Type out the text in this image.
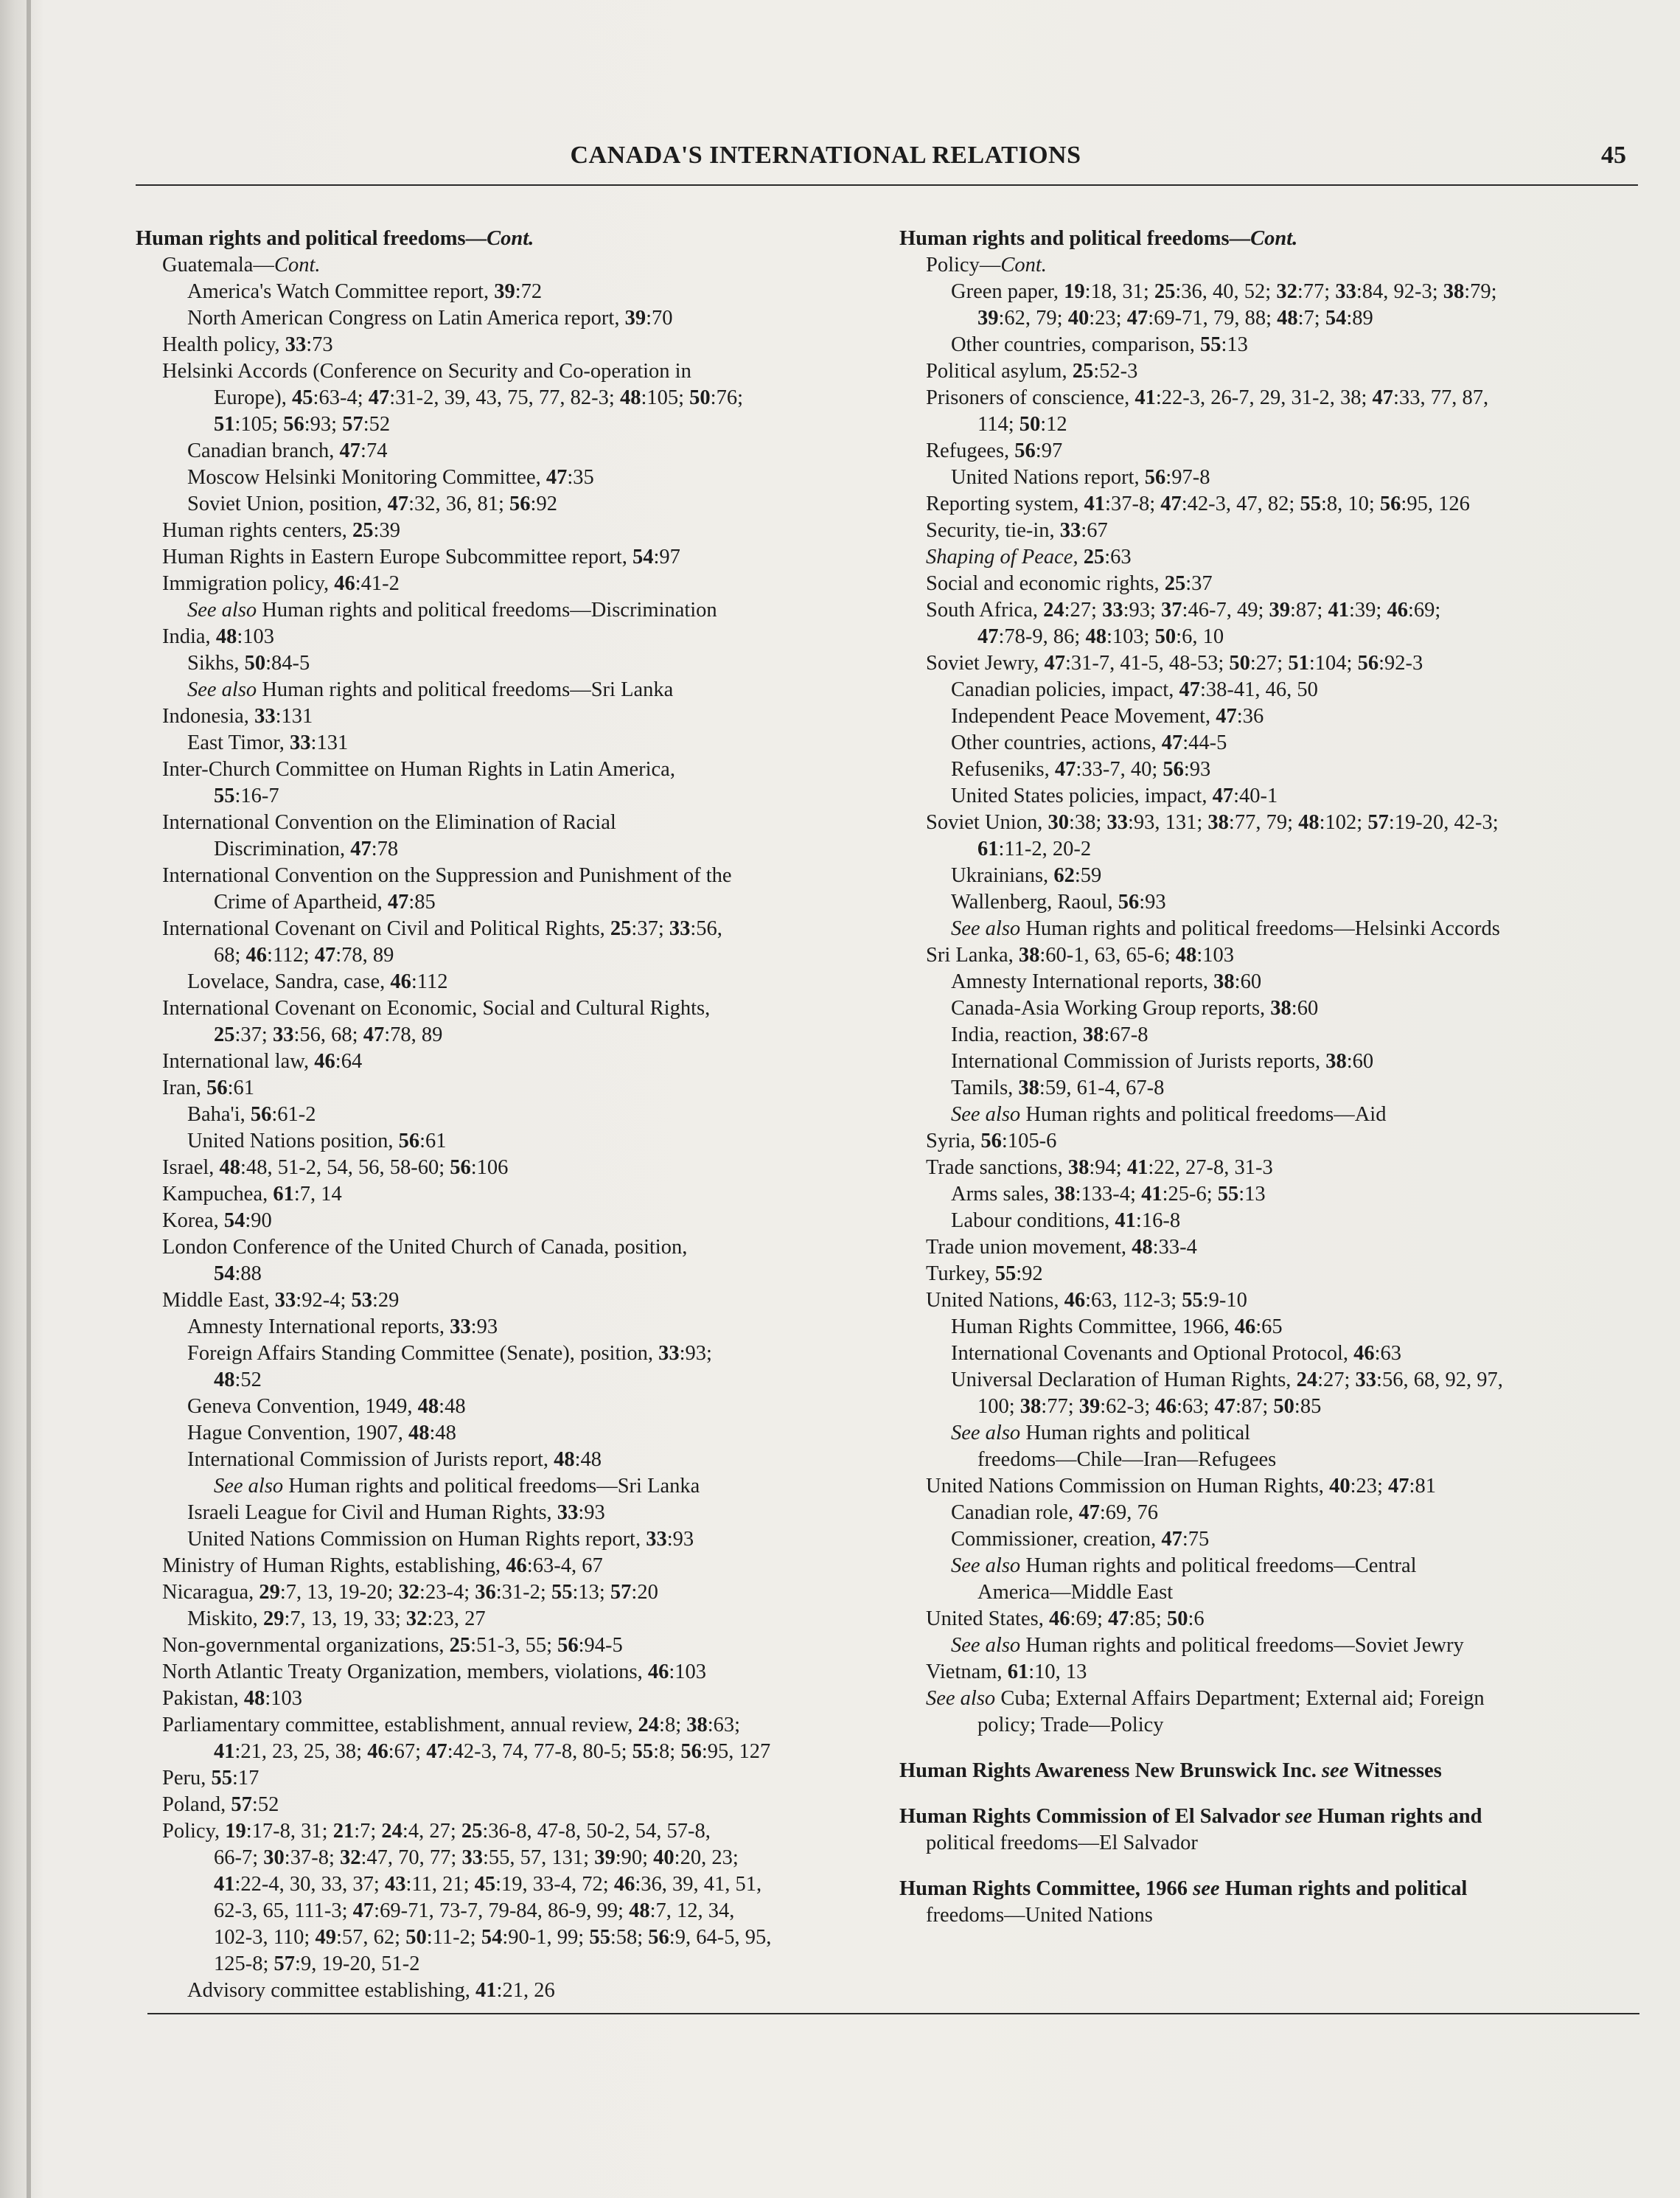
CANADA'S INTERNATIONAL RELATIONS	45
Human rights and political freedoms—Cont.
Guatemala—Cont.
America's Watch Committee report, 39:72
North American Congress on Latin America report, 39:70
Health policy, 33:73
Helsinki Accords (Conference on Security and Co-operation in
Europe), 45:63-4; 47:31-2, 39, 43, 75, 77, 82-3; 48:105; 50:76;
51:105; 56:93; 57:52
Canadian branch, 47:74
Moscow Helsinki Monitoring Committee, 47:35
Soviet Union, position, 47:32, 36, 81; 56:92
Human rights centers, 25:39
Human Rights in Eastern Europe Subcommittee report, 54:97
Immigration policy, 46:41-2
See also Human rights and political freedoms—Discrimination
India, 48:103
Sikhs, 50:84-5
See also Human rights and political freedoms—Sri Lanka
Indonesia, 33:131
East Timor, 33:131
Inter-Church Committee on Human Rights in Latin America,
55:16-7
International Convention on the Elimination of Racial
Discrimination, 47:78
International Convention on the Suppression and Punishment of the
Crime of Apartheid, 47:85
International Covenant on Civil and Political Rights, 25:37; 33:56,
68; 46:112; 47:78, 89
Lovelace, Sandra, case, 46:112
International Covenant on Economic, Social and Cultural Rights,
25:37; 33:56, 68; 47:78, 89
International law, 46:64
Iran, 56:61
Baha'i, 56:61-2
United Nations position, 56:61
Israel, 48:48, 51-2, 54, 56, 58-60; 56:106
Kampuchea, 61:7, 14
Korea, 54:90
London Conference of the United Church of Canada, position,
54:88
Middle East, 33:92-4; 53:29
Amnesty International reports, 33:93
Foreign Affairs Standing Committee (Senate), position, 33:93;
48:52
Geneva Convention, 1949, 48:48
Hague Convention, 1907, 48:48
International Commission of Jurists report, 48:48
See also Human rights and political freedoms—Sri Lanka
Israeli League for Civil and Human Rights, 33:93
United Nations Commission on Human Rights report, 33:93
Ministry of Human Rights, establishing, 46:63-4, 67
Nicaragua, 29:7, 13, 19-20; 32:23-4; 36:31-2; 55:13; 57:20
Miskito, 29:7, 13, 19, 33; 32:23, 27
Non-governmental organizations, 25:51-3, 55; 56:94-5
North Atlantic Treaty Organization, members, violations, 46:103
Pakistan, 48:103
Parliamentary committee, establishment, annual review, 24:8; 38:63;
41:21, 23, 25, 38; 46:67; 47:42-3, 74, 77-8, 80-5; 55:8; 56:95, 127
Peru, 55:17
Poland, 57:52
Policy, 19:17-8, 31; 21:7; 24:4, 27; 25:36-8, 47-8, 50-2, 54, 57-8,
66-7; 30:37-8; 32:47, 70, 77; 33:55, 57, 131; 39:90; 40:20, 23;
41:22-4, 30, 33, 37; 43:11, 21; 45:19, 33-4, 72; 46:36, 39, 41, 51,
62-3, 65, 111-3; 47:69-71, 73-7, 79-84, 86-9, 99; 48:7, 12, 34,
102-3, 110; 49:57, 62; 50:11-2; 54:90-1, 99; 55:58; 56:9, 64-5, 95,
125-8; 57:9, 19-20, 51-2
Advisory committee establishing, 41:21, 26
Human rights and political freedoms—Cont.
Policy—Cont.
Green paper, 19:18, 31; 25:36, 40, 52; 32:77; 33:84, 92-3; 38:79;
39:62, 79; 40:23; 47:69-71, 79, 88; 48:7; 54:89
Other countries, comparison, 55:13
Political asylum, 25:52-3
Prisoners of conscience, 41:22-3, 26-7, 29, 31-2, 38; 47:33, 77, 87,
114; 50:12
Refugees, 56:97
United Nations report, 56:97-8
Reporting system, 41:37-8; 47:42-3, 47, 82; 55:8, 10; 56:95, 126
Security, tie-in, 33:67
Shaping of Peace, 25:63
Social and economic rights, 25:37
South Africa, 24:27; 33:93; 37:46-7, 49; 39:87; 41:39; 46:69;
47:78-9, 86; 48:103; 50:6, 10
Soviet Jewry, 47:31-7, 41-5, 48-53; 50:27; 51:104; 56:92-3
Canadian policies, impact, 47:38-41, 46, 50
Independent Peace Movement, 47:36
Other countries, actions, 47:44-5
Refuseniks, 47:33-7, 40; 56:93
United States policies, impact, 47:40-1
Soviet Union, 30:38; 33:93, 131; 38:77, 79; 48:102; 57:19-20, 42-3;
61:11-2, 20-2
Ukrainians, 62:59
Wallenberg, Raoul, 56:93
See also Human rights and political freedoms—Helsinki Accords
Sri Lanka, 38:60-1, 63, 65-6; 48:103
Amnesty International reports, 38:60
Canada-Asia Working Group reports, 38:60
India, reaction, 38:67-8
International Commission of Jurists reports, 38:60
Tamils, 38:59, 61-4, 67-8
See also Human rights and political freedoms—Aid
Syria, 56:105-6
Trade sanctions, 38:94; 41:22, 27-8, 31-3
Arms sales, 38:133-4; 41:25-6; 55:13
Labour conditions, 41:16-8
Trade union movement, 48:33-4
Turkey, 55:92
United Nations, 46:63, 112-3; 55:9-10
Human Rights Committee, 1966, 46:65
International Covenants and Optional Protocol, 46:63
Universal Declaration of Human Rights, 24:27; 33:56, 68, 92, 97,
100; 38:77; 39:62-3; 46:63; 47:87; 50:85
See also Human rights and political
freedoms—Chile—Iran—Refugees
United Nations Commission on Human Rights, 40:23; 47:81
Canadian role, 47:69, 76
Commissioner, creation, 47:75
See also Human rights and political freedoms—Central
America—Middle East
United States, 46:69; 47:85; 50:6
See also Human rights and political freedoms—Soviet Jewry
Vietnam, 61:10, 13
See also Cuba; External Affairs Department; External aid; Foreign
policy; Trade—Policy
Human Rights Awareness New Brunswick Inc. see Witnesses
Human Rights Commission of El Salvador see Human rights and
political freedoms—El Salvador
Human Rights Committee, 1966 see Human rights and political
freedoms—United Nations
